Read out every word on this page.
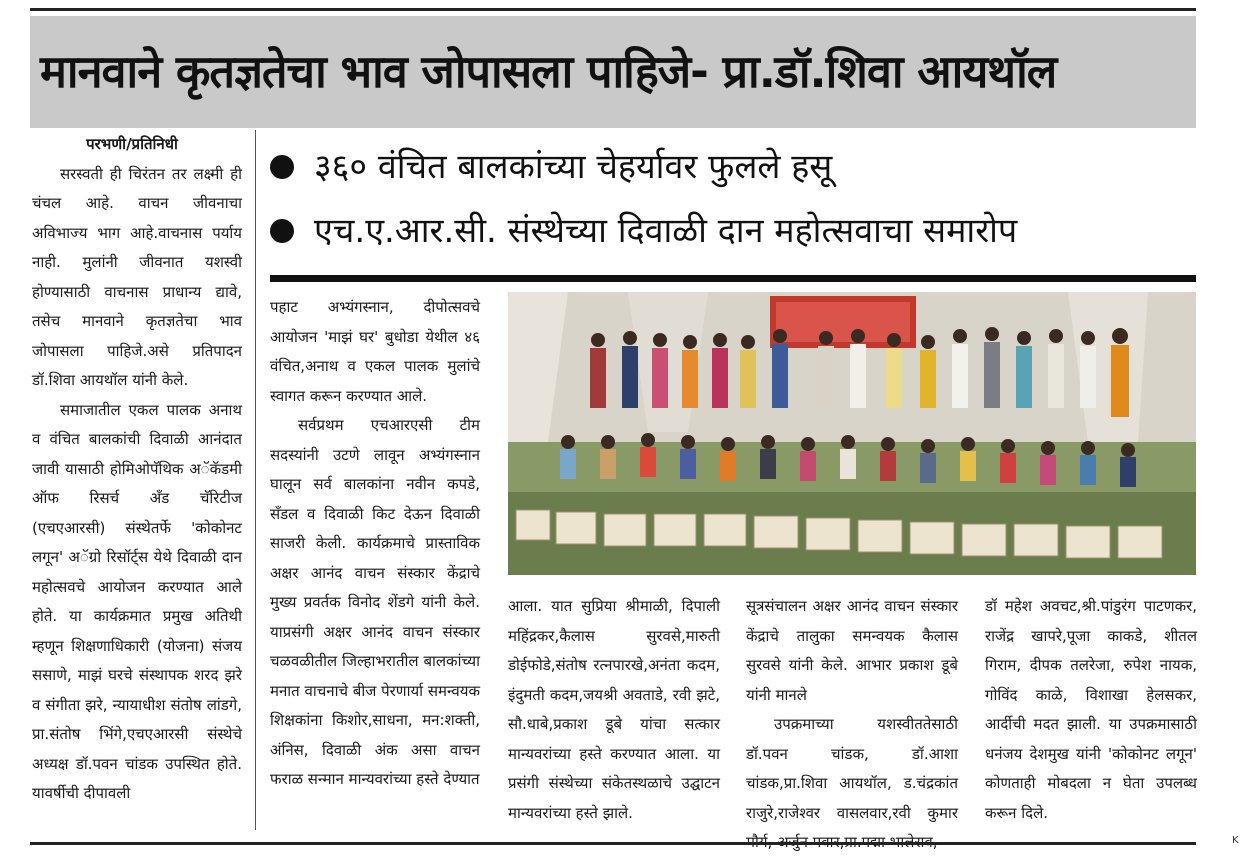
मानवाने कृतज्ञतेचा भाव जोपासला पाहिजे- प्रा.डॉ.शिवा आयथॉल
३६० वंचित बालकांच्या चेहर्यावर फुलले हसू
एच.ए.आर.सी. संस्थेच्या दिवाळी दान महोत्सवाचा समारोप

परभणी/प्रतिनिधी

सरस्वती ही चिरंतन तर लक्ष्मी ही चंचल आहे. वाचन जीवनाचा अविभाज्य भाग आहे.वाचनास पर्याय नाही. मुलांनी जीवनात यशस्वी होण्यासाठी वाचनास प्राधान्य द्यावे, तसेच मानवाने कृतज्ञतेचा भाव जोपासला पाहिजे.असे प्रतिपादन डॉ.शिवा आयथॉल यांनी केले.

समाजातील एकल पालक अनाथ व वंचित बालकांची दिवाळी आनंदात जावी यासाठी होमिओपॅथिक अॅकॅडमी ऑफ रिसर्च अँड चॅरिटीज (एचएआरसी) संस्थेतर्फे 'कोकोनट लगून' अॅग्रो रिसॉर्ट्स येथे दिवाळी दान महोत्सवचे आयोजन करण्यात आले होते. या कार्यक्रमात प्रमुख अतिथी म्हणून शिक्षणाधिकारी (योजना) संजय ससाणे, माझं घरचे संस्थापक शरद झरे व संगीता झरे, न्यायाधीश संतोष लांडगे, प्रा.संतोष भिंगे,एचएआरसी संस्थेचे अध्यक्ष डॉ.पवन चांडक उपस्थित होते. यावर्षीची दीपावली

पहाट अभ्यंगस्नान, दीपोत्सवचे आयोजन 'माझं घर' बुधोडा येथील ४६ वंचित,अनाथ व एकल पालक मुलांचे स्वागत करून करण्यात आले.

सर्वप्रथम एचआरएसी टीम सदस्यांनी उटणे लावून अभ्यंगस्नान घालून सर्व बालकांना नवीन कपडे, सँडल व दिवाळी किट देऊन दिवाळी साजरी केली. कार्यक्रमाचे प्रास्ताविक अक्षर आनंद वाचन संस्कार केंद्राचे मुख्य प्रवर्तक विनोद शेंडगे यांनी केले. याप्रसंगी अक्षर आनंद वाचन संस्कार चळवळीतील जिल्हाभरातील बालकांच्या मनात वाचनाचे बीज पेरणार्या समन्वयक शिक्षकांना किशोर,साधना, मन:शक्ती, अंनिस, दिवाळी अंक असा वाचन फराळ सन्मान मान्यवरांच्या हस्ते देण्यात

आला. यात सुप्रिया श्रीमाळी, दिपाली महिंद्रकर,कैलास सुरवसे,मारुती डोईफोडे,संतोष रत्नपारखे,अनंता कदम, इंदुमती कदम,जयश्री अवताडे, रवी झटे, सौ.धाबे,प्रकाश डूबे यांचा सत्कार मान्यवरांच्या हस्ते करण्यात आला. या प्रसंगी संस्थेच्या संकेतस्थळाचे उद्घाटन मान्यवरांच्या हस्ते झाले.

सूत्रसंचालन अक्षर आनंद वाचन संस्कार केंद्राचे तालुका समन्वयक कैलास सुरवसे यांनी केले. आभार प्रकाश डूबे यांनी मानले

उपक्रमाच्या यशस्वीततेसाठी डॉ.पवन चांडक, डॉ.आशा चांडक,प्रा.शिवा आयथॉल, ड.चंद्रकांत राजुरे,राजेश्वर वासलवार,रवी कुमार

डॉ महेश अवचट,श्री.पांडुरंग पाटणकर, राजेंद्र खापरे,पूजा काकडे, शीतल गिराम, दीपक तलरेजा, रुपेश नायक, गोविंद काळे, विशाखा हेलसकर, आर्दीची मदत झाली. या उपक्रमासाठी धनंजय देशमुख यांनी 'कोकोनट लगून' कोणताही मोबदला न घेता उपलब्ध करून दिले.

K
